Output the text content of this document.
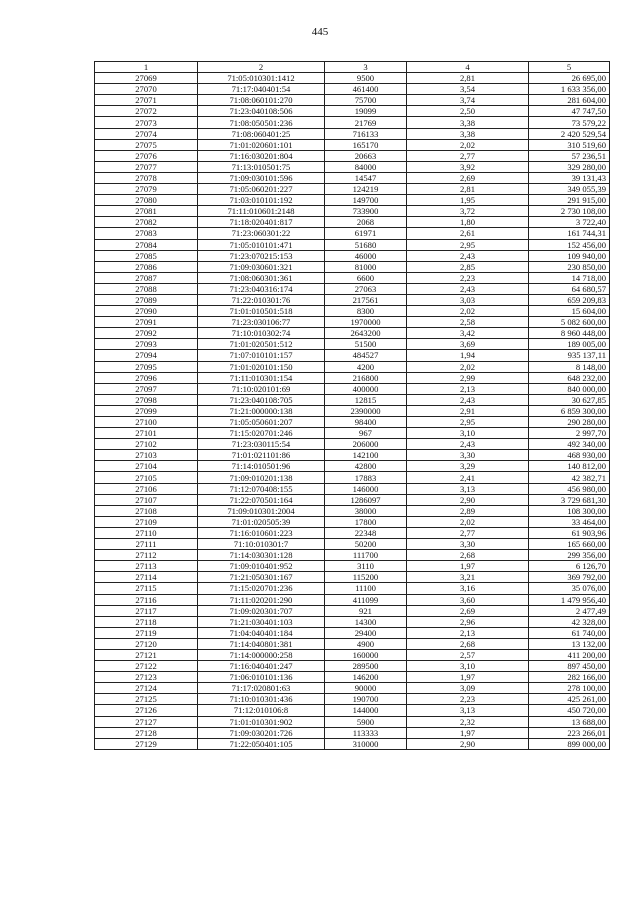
445
1	2	3	4	5
27069	71:05:010301:1412	9500	2,81	26 695,00
27070	71:17:040401:54	461400	3,54	1 633 356,00
27071	71:08:060101:270	75700	3,74	281 604,00
27072	71:23:040108:506	19099	2,50	47 747,50
27073	71:08:050501:236	21769	3,38	73 579,22
27074	71:08:060401:25	716133	3,38	2 420 529,54
27075	71:01:020601:101	165170	2,02	310 519,60
27076	71:16:030201:804	20663	2,77	57 236,51
27077	71:13:010501:75	84000	3,92	329 280,00
27078	71:09:030101:596	14547	2,69	39 131,43
27079	71:05:060201:227	124219	2,81	349 055,39
27080	71:03:010101:192	149700	1,95	291 915,00
27081	71:11:010601:2148	733900	3,72	2 730 108,00
27082	71:18:020401:817	2068	1,80	3 722,40
27083	71:23:060301:22	61971	2,61	161 744,31
27084	71:05:010101:471	51680	2,95	152 456,00
27085	71:23:070215:153	46000	2,43	109 940,00
27086	71:09:030601:321	81000	2,85	230 850,00
27087	71:08:060301:361	6600	2,23	14 718,00
27088	71:23:040316:174	27063	2,43	64 680,57
27089	71:22:010301:76	217561	3,03	659 209,83
27090	71:01:010501:518	8300	2,02	15 604,00
27091	71:23:030106:77	1970000	2,58	5 082 600,00
27092	71:10:010302:74	2643200	3,42	8 960 448,00
27093	71:01:020501:512	51500	3,69	189 005,00
27094	71:07:010101:157	484527	1,94	935 137,11
27095	71:01:020101:150	4200	2,02	8 148,00
27096	71:11:010301:154	216800	2,99	648 232,00
27097	71:10:020101:69	400000	2,13	840 000,00
27098	71:23:040108:705	12815	2,43	30 627,85
27099	71:21:000000:138	2390000	2,91	6 859 300,00
27100	71:05:050601:207	98400	2,95	290 280,00
27101	71:15:020701:246	967	3,10	2 997,70
27102	71:23:030115:54	206000	2,43	492 340,00
27103	71:01:021101:86	142100	3,30	468 930,00
27104	71:14:010501:96	42800	3,29	140 812,00
27105	71:09:010201:138	17883	2,41	42 382,71
27106	71:12:070408:155	146000	3,13	456 980,00
27107	71:22:070501:164	1286097	2,90	3 729 681,30
27108	71:09:010301:2004	38000	2,89	108 300,00
27109	71:01:020505:39	17800	2,02	33 464,00
27110	71:16:010601:223	22348	2,77	61 903,96
27111	71:10:010301:7	50200	3,30	165 660,00
27112	71:14:030301:128	111700	2,68	299 356,00
27113	71:09:010401:952	3110	1,97	6 126,70
27114	71:21:050301:167	115200	3,21	369 792,00
27115	71:15:020701:236	11100	3,16	35 076,00
27116	71:11:020201:290	411099	3,60	1 479 956,40
27117	71:09:020301:707	921	2,69	2 477,49
27118	71:21:030401:103	14300	2,96	42 328,00
27119	71:04:040401:184	29400	2,13	61 740,00
27120	71:14:040801:381	4900	2,68	13 132,00
27121	71:14:000000:258	160000	2,57	411 200,00
27122	71:16:040401:247	289500	3,10	897 450,00
27123	71:06:010101:136	146200	1,97	282 166,00
27124	71:17:020801:63	90000	3,09	278 100,00
27125	71:10:010301:436	190700	2,23	425 261,00
27126	71:12:010106:8	144000	3,13	450 720,00
27127	71:01:010301:902	5900	2,32	13 688,00
27128	71:09:030201:726	113333	1,97	223 266,01
27129	71:22:050401:105	310000	2,90	899 000,00
